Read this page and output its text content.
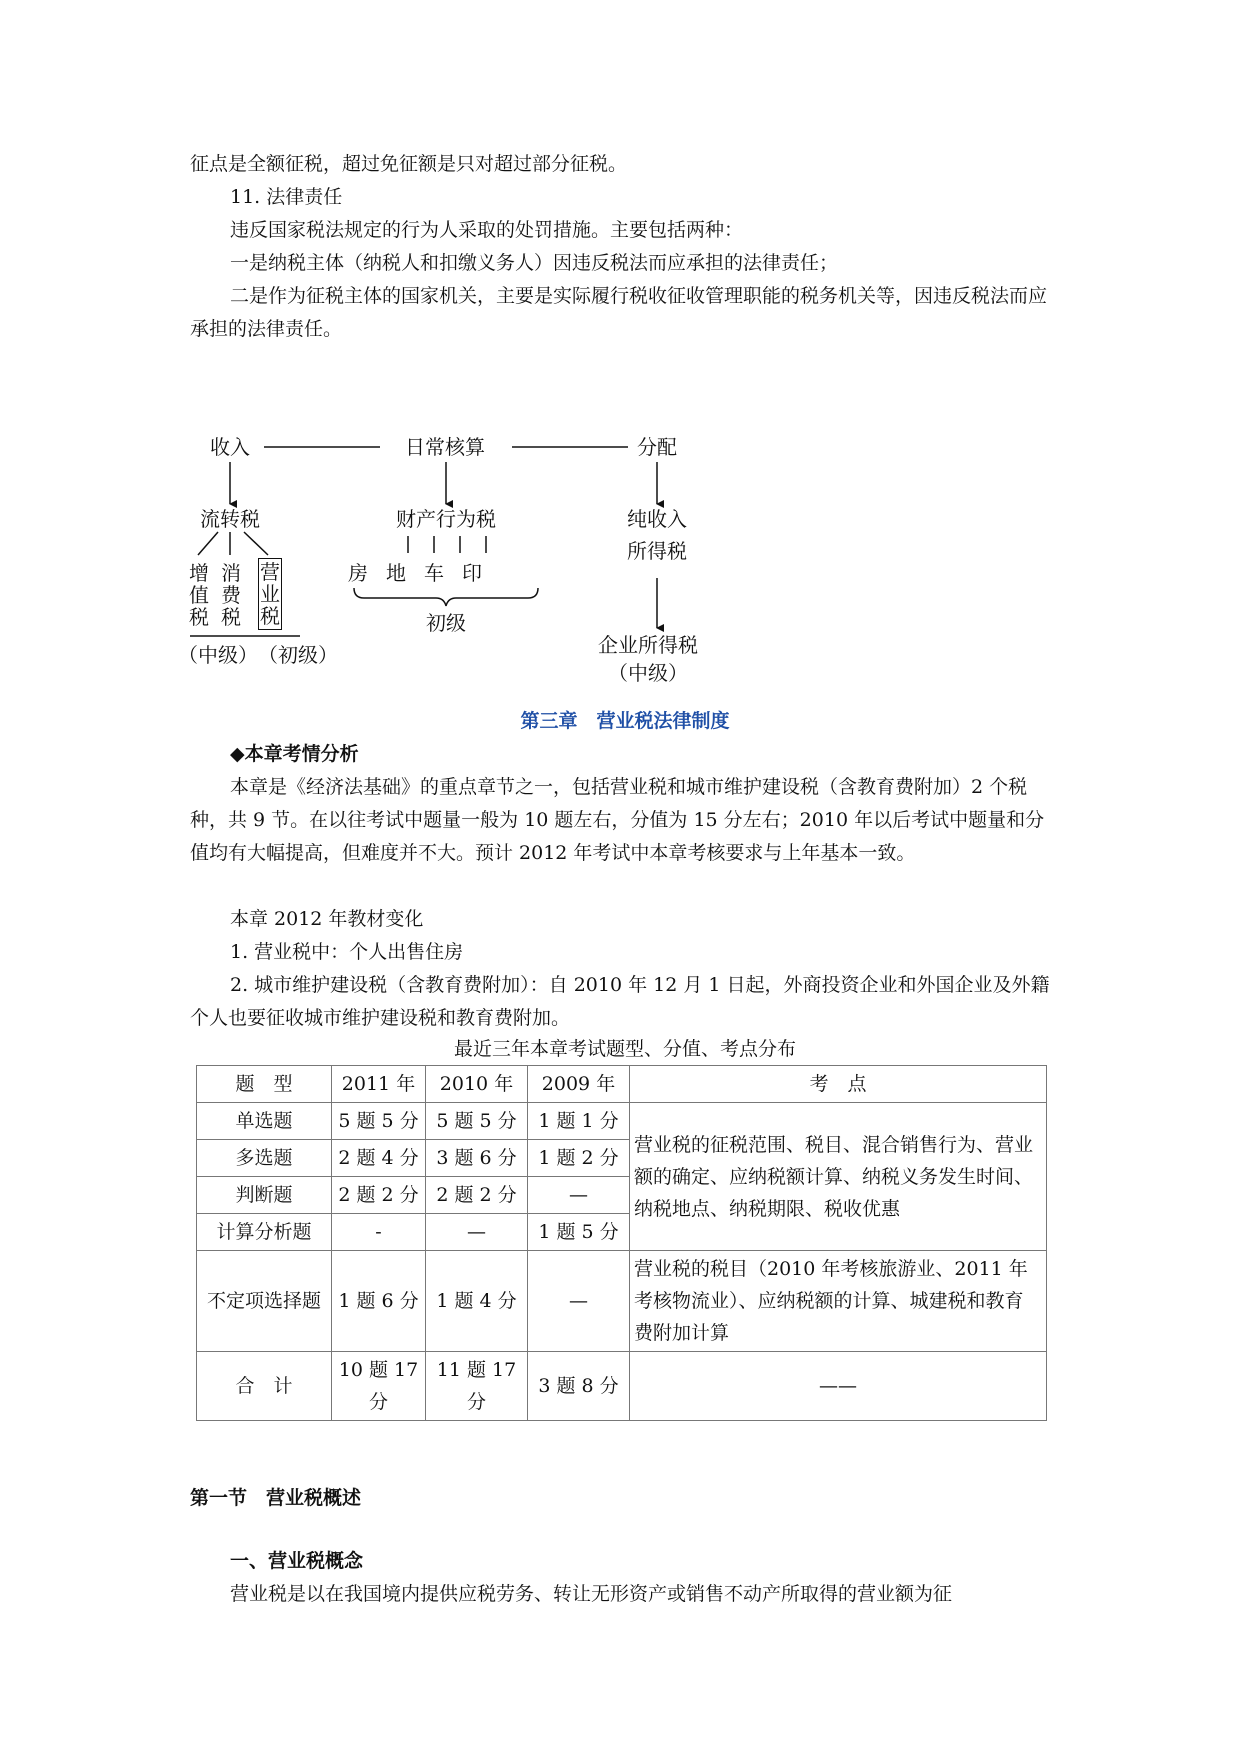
征点是全额征税，超过免征额是只对超过部分征税。

11. 法律责任

违反国家税法规定的行为人采取的处罚措施。主要包括两种：

一是纳税主体（纳税人和扣缴义务人）因违反税法而应承担的法律责任；

二是作为征税主体的国家机关，主要是实际履行税收征收管理职能的税务机关等，因违反税法而应承担的法律责任。

收入	日常核算	分配
流转税	财产行为税	纯收入
所得税
增值税
消费税
营业税
房 地 车 印
初级
（中级） （初级）	企业所得税
（中级）

第三章　营业税法律制度

◆本章考情分析

本章是《经济法基础》的重点章节之一，包括营业税和城市维护建设税（含教育费附加）2 个税种，共 9 节。在以往考试中题量一般为 10 题左右，分值为 15 分左右；2010 年以后考试中题量和分值均有大幅提高，但难度并不大。预计 2012 年考试中本章考核要求与上年基本一致。

本章 2012 年教材变化

1. 营业税中：个人出售住房

2. 城市维护建设税（含教育费附加）：自 2010 年 12 月 1 日起，外商投资企业和外国企业及外籍个人也要征收城市维护建设税和教育费附加。

最近三年本章考试题型、分值、考点分布

题　型	2011 年	2010 年	2009 年	考　点
单选题	5 题 5 分	5 题 5 分	1 题 1 分	营业税的征税范围、税目、混合销售行为、营业额的确定、应纳税额计算、纳税义务发生时间、纳税地点、纳税期限、税收优惠
多选题	2 题 4 分	3 题 6 分	1 题 2 分	
判断题	2 题 2 分	2 题 2 分	—	
计算分析题	-	—	1 题 5 分	
不定项选择题	1 题 6 分	1 题 4 分	—	营业税的税目（2010 年考核旅游业、2011 年考核物流业）、应纳税额的计算、城建税和教育费附加计算
合　计	10 题 17 分	11 题 17 分	3 题 8 分	——

第一节　营业税概述

一、营业税概念

营业税是以在我国境内提供应税劳务、转让无形资产或销售不动产所取得的营业额为征
